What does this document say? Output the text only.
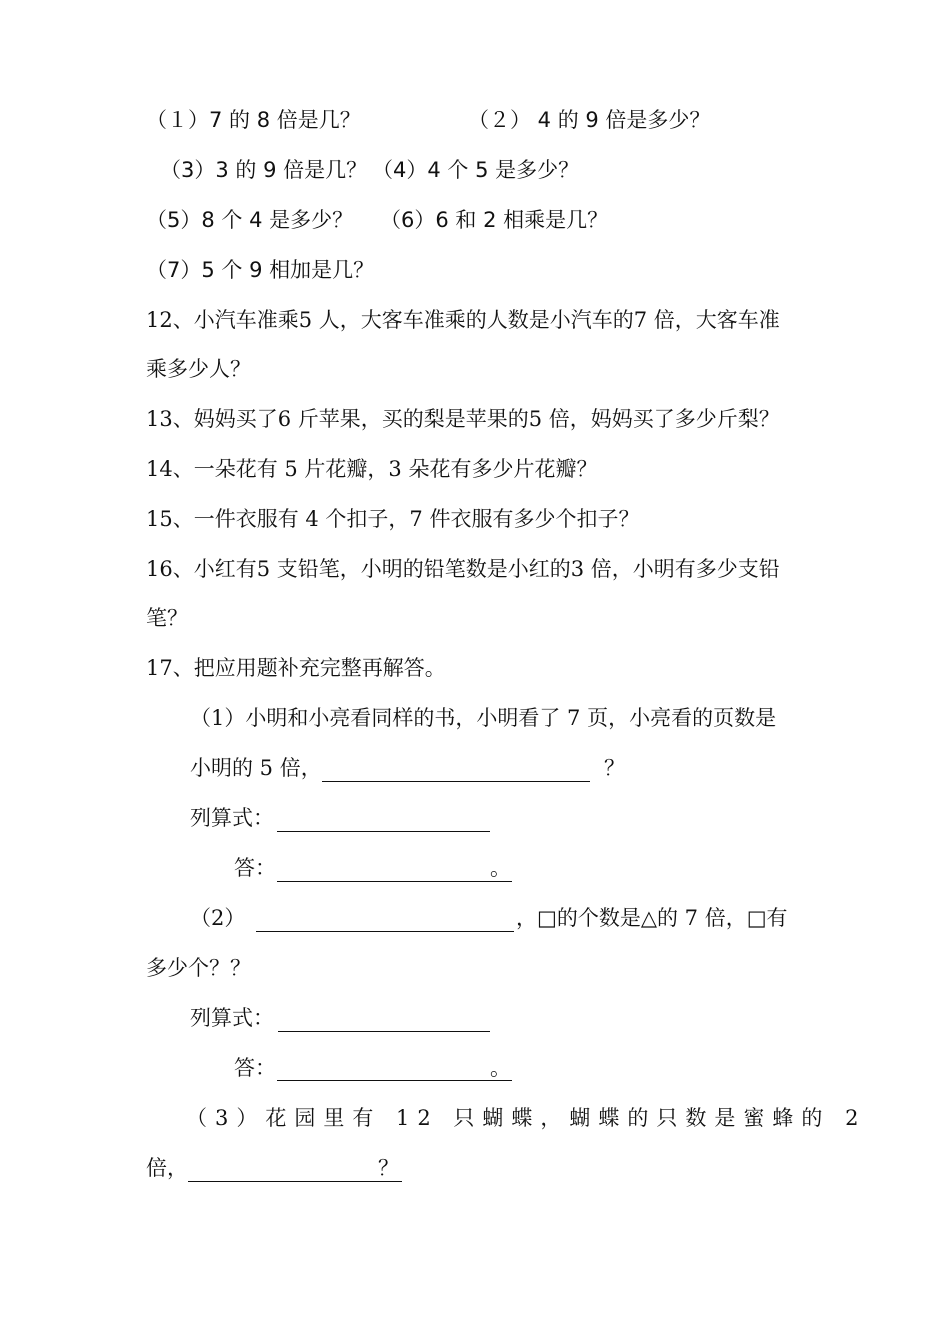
（１）7 的 8 倍是几？	（２） 4 的 9 倍是多少？
（3）3 的 9 倍是几？ （4）4 个 5 是多少？
（5）8 个 4 是多少？ （6）6 和 2 相乘是几？
（7）5 个 9 相加是几？
12、小汽车准乘5 人，大客车准乘的人数是小汽车的7 倍，大客车准
乘多少人？
13、妈妈买了6 斤苹果，买的梨是苹果的5 倍，妈妈买了多少斤梨？
14、一朵花有 5 片花瓣，3 朵花有多少片花瓣？
15、一件衣服有 4 个扣子，7 件衣服有多少个扣子？
16、小红有5 支铅笔，小明的铅笔数是小红的3 倍，小明有多少支铅
笔？
17、把应用题补充完整再解答。
（1）小明和小亮看同样的书，小明看了 7 页，小亮看的页数是
小明的 5 倍，	？
列算式：
答：	。
（2）	，□的个数是△的 7 倍，□有
多少个？？
列算式：
答：	。
（3）花园里有 12 只蝴蝶，蝴蝶的只数是蜜蜂的 2
倍，	？
